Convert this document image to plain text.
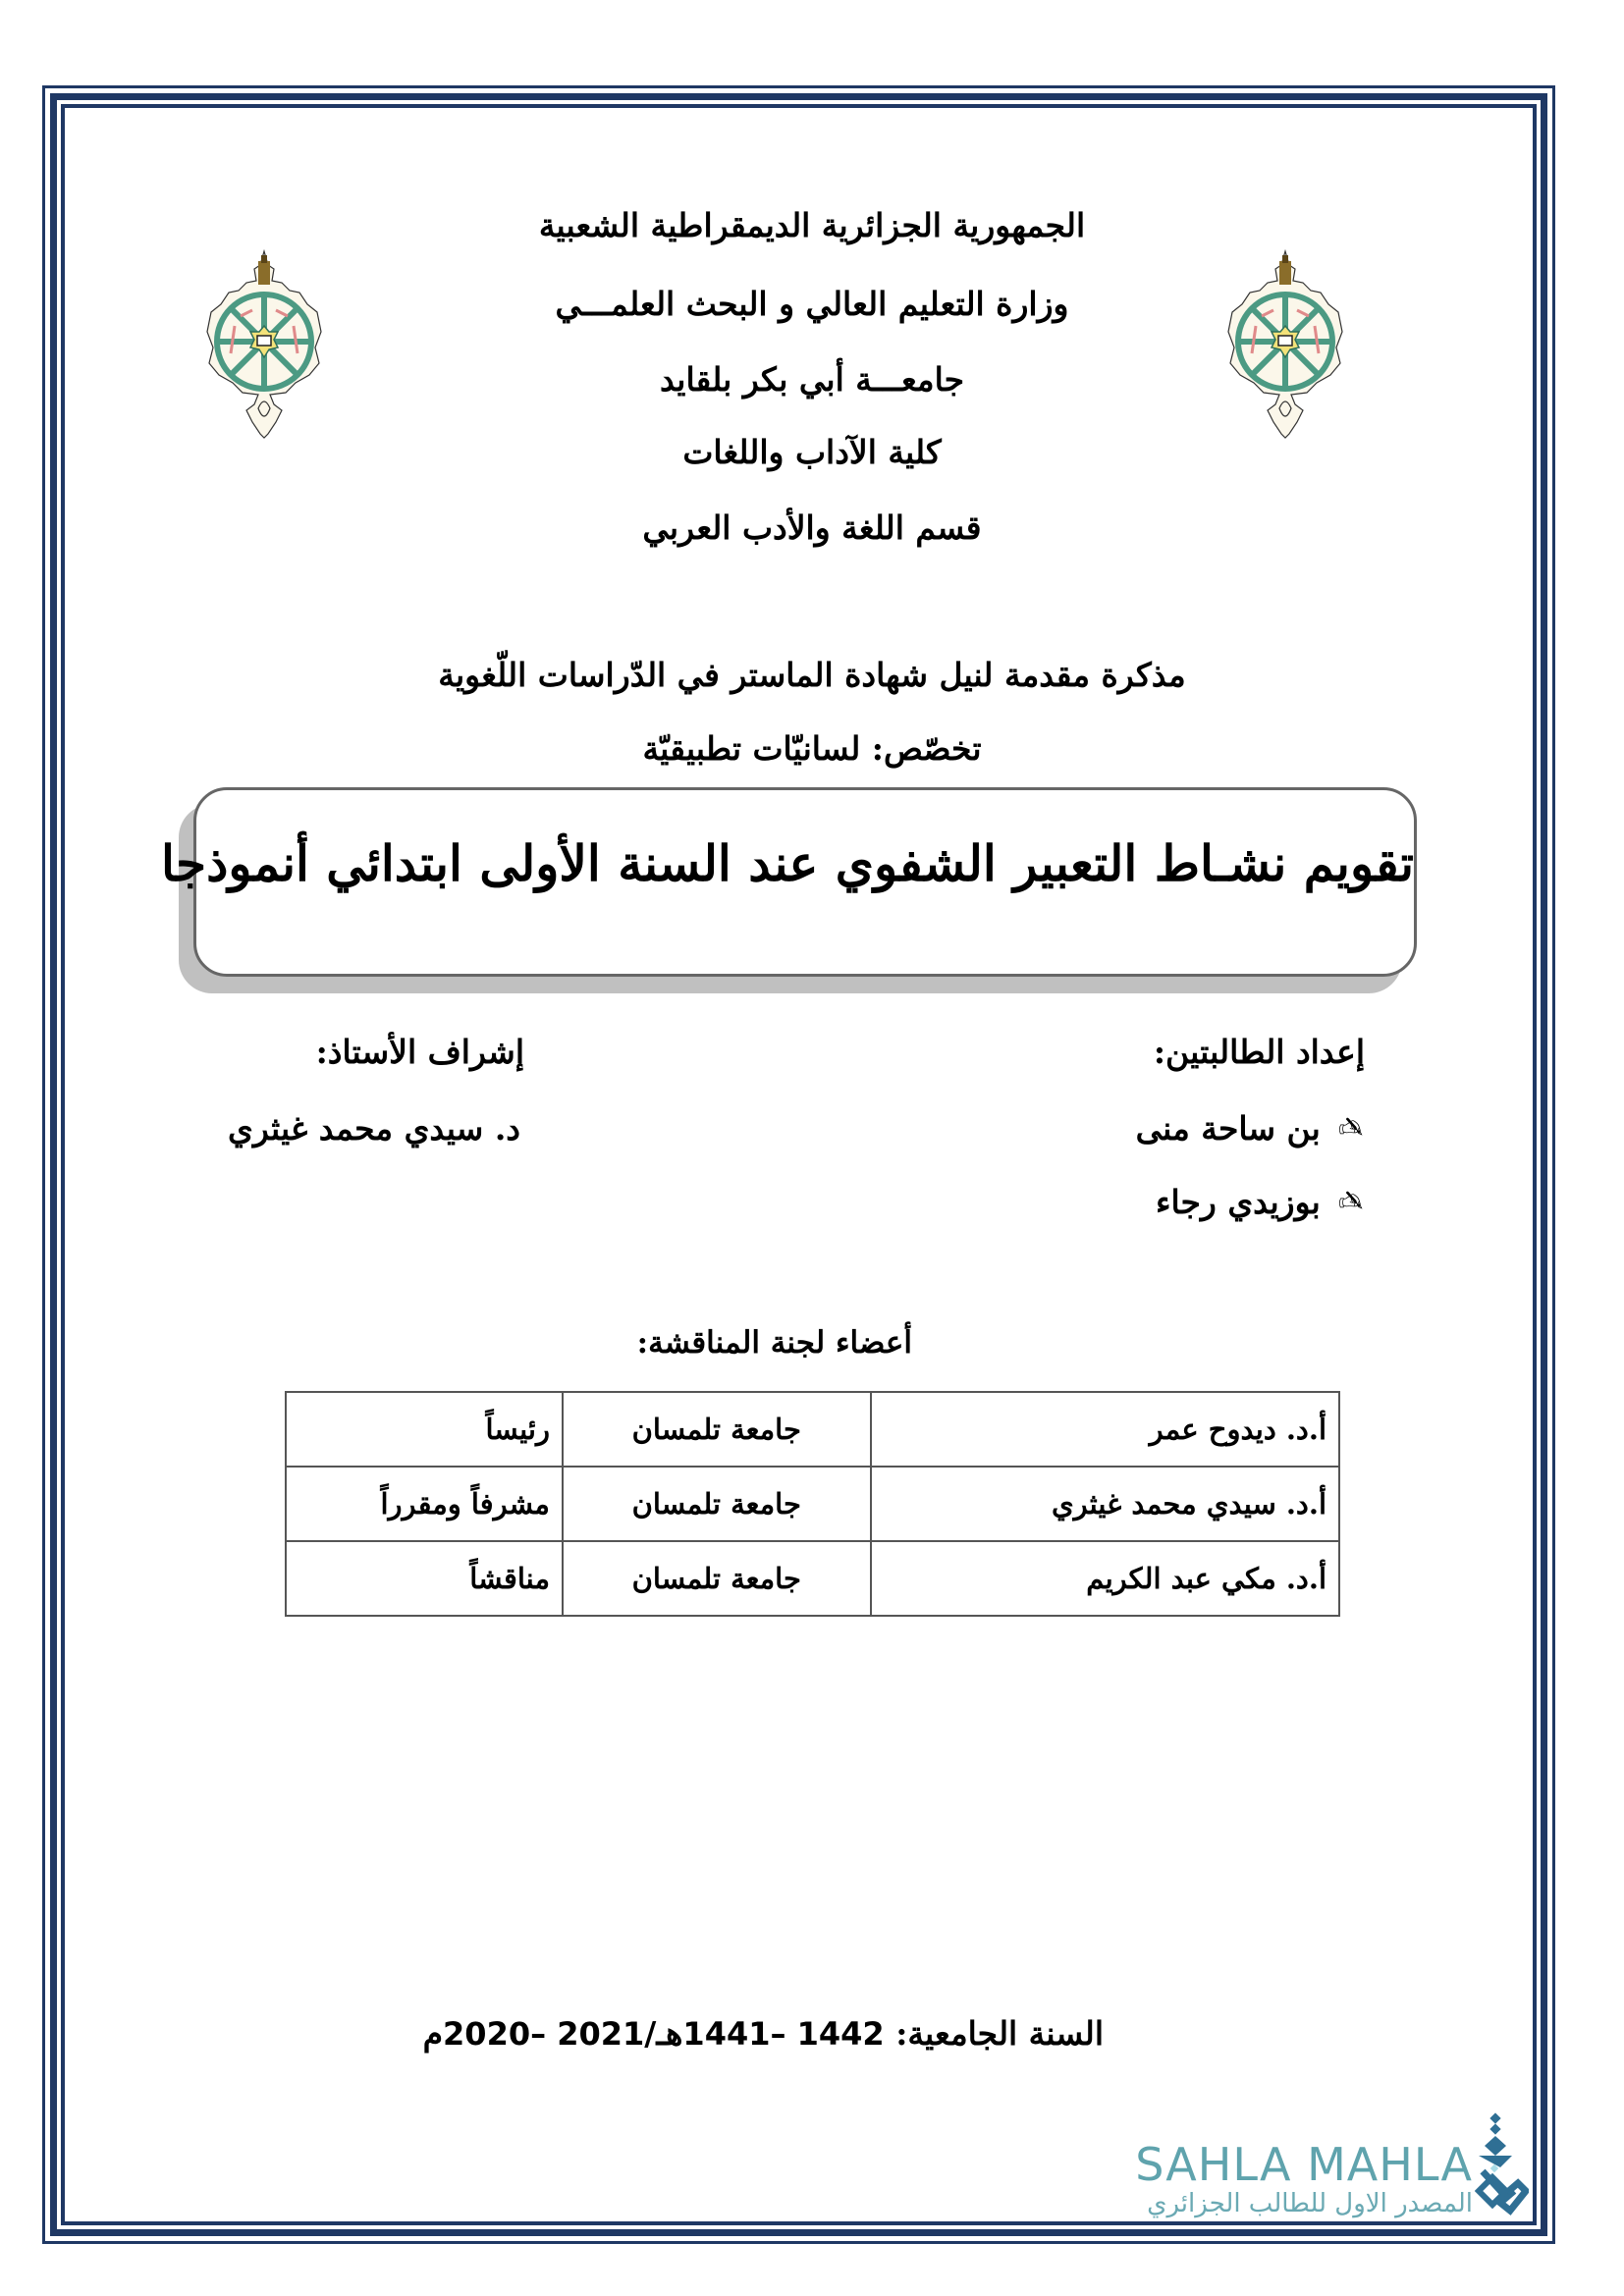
الجمهورية الجزائرية الديمقراطية الشعبية
وزارة التعليم العالي و البحث العلمـــي
جامعـــة أبي بكر بلقايد
كلية الآداب واللغات
قسم اللغة والأدب العربي
مذكرة مقدمة لنيل شهادة الماستر في الدّراسات اللّغوية
تخصّص: لسانيّات تطبيقيّة
تقويم نشـاط التعبير الشفوي عند السنة الأولى ابتدائي أنموذجا
إعداد الطالبتين:
✍
بن ساحة منى
✍
بوزيدي رجاء
إشراف الأستاذ:
د. سيدي محمد غيثري
أعضاء لجنة المناقشة:
أ.د. ديدوح عمر	جامعة تلمسان	رئيساً
أ.د. سيدي محمد غيثري	جامعة تلمسان	مشرفاً ومقرراً
أ.د. مكي عبد الكريم	جامعة تلمسان	مناقشاً
السنة الجامعية: 1441– 1442هـ/2020– 2021م
SAHLA MAHLA
المصدر الاول للطالب الجزائري
